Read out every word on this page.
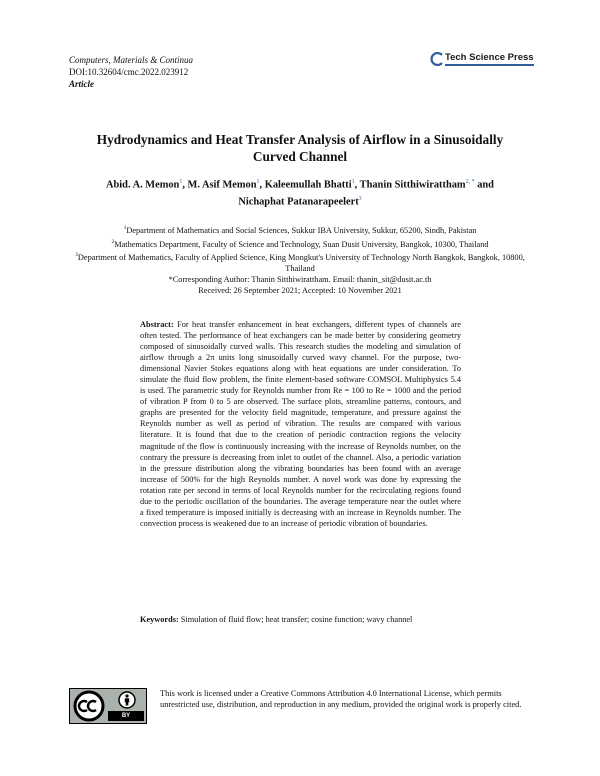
Computers, Materials & Continua
DOI:10.32604/cmc.2022.023912
Article
Tech Science Press
Hydrodynamics and Heat Transfer Analysis of Airflow in a Sinusoidally Curved Channel
Abid. A. Memon$^1$, M. Asif Memon$^1$, Kaleemullah Bhatti$^1$, Thanin Sitthiwirattham$^{2, *}$ and
Nichaphat Patanarapeelert$^3$
$^1$Department of Mathematics and Social Sciences, Sukkur IBA University, Sukkur, 65200, Sindh, Pakistan
$^2$Mathematics Department, Faculty of Science and Technology, Suan Dusit University, Bangkok, 10300, Thailand
$^3$Department of Mathematics, Faculty of Applied Science, King Mongkut's University of Technology North Bangkok, Bangkok, 10800, Thailand
*Corresponding Author: Thanin Sitthiwirattham. Email: thanin_sit@dusit.ac.th
Received: 26 September 2021; Accepted: 10 November 2021
Abstract: For heat transfer enhancement in heat exchangers, different types of channels are often tested. The performance of heat exchangers can be made better by considering geometry composed of sinusoidally curved walls. This research studies the modeling and simulation of airflow through a 2π units long sinusoidally curved wavy channel. For the purpose, two-dimensional Navier Stokes equations along with heat equations are under consideration. To simulate the fluid flow problem, the finite element-based software COMSOL Multiphysics 5.4 is used. The parametric study for Reynolds number from Re = 100 to Re = 1000 and the period of vibration P from 0 to 5 are observed. The surface plots, streamline patterns, contours, and graphs are presented for the velocity field magnitude, temperature, and pressure against the Reynolds number as well as period of vibration. The results are compared with various literature. It is found that due to the creation of periodic contraction regions the velocity magnitude of the flow is continuously increasing with the increase of Reynolds number, on the contrary the pressure is decreasing from inlet to outlet of the channel. Also, a periodic variation in the pressure distribution along the vibrating boundaries has been found with an average increase of 500% for the high Reynolds number. A novel work was done by expressing the rotation rate per second in terms of local Reynolds number for the recirculating regions found due to the periodic oscillation of the boundaries. The average temperature near the outlet where a fixed temperature is imposed initially is decreasing with an increase in Reynolds number. The convection process is weakened due to an increase of periodic vibration of boundaries.
Keywords: Simulation of fluid flow; heat transfer; cosine function; wavy channel
BY
This work is licensed under a Creative Commons Attribution 4.0 International License, which permits unrestricted use, distribution, and reproduction in any medium, provided the original work is properly cited.
